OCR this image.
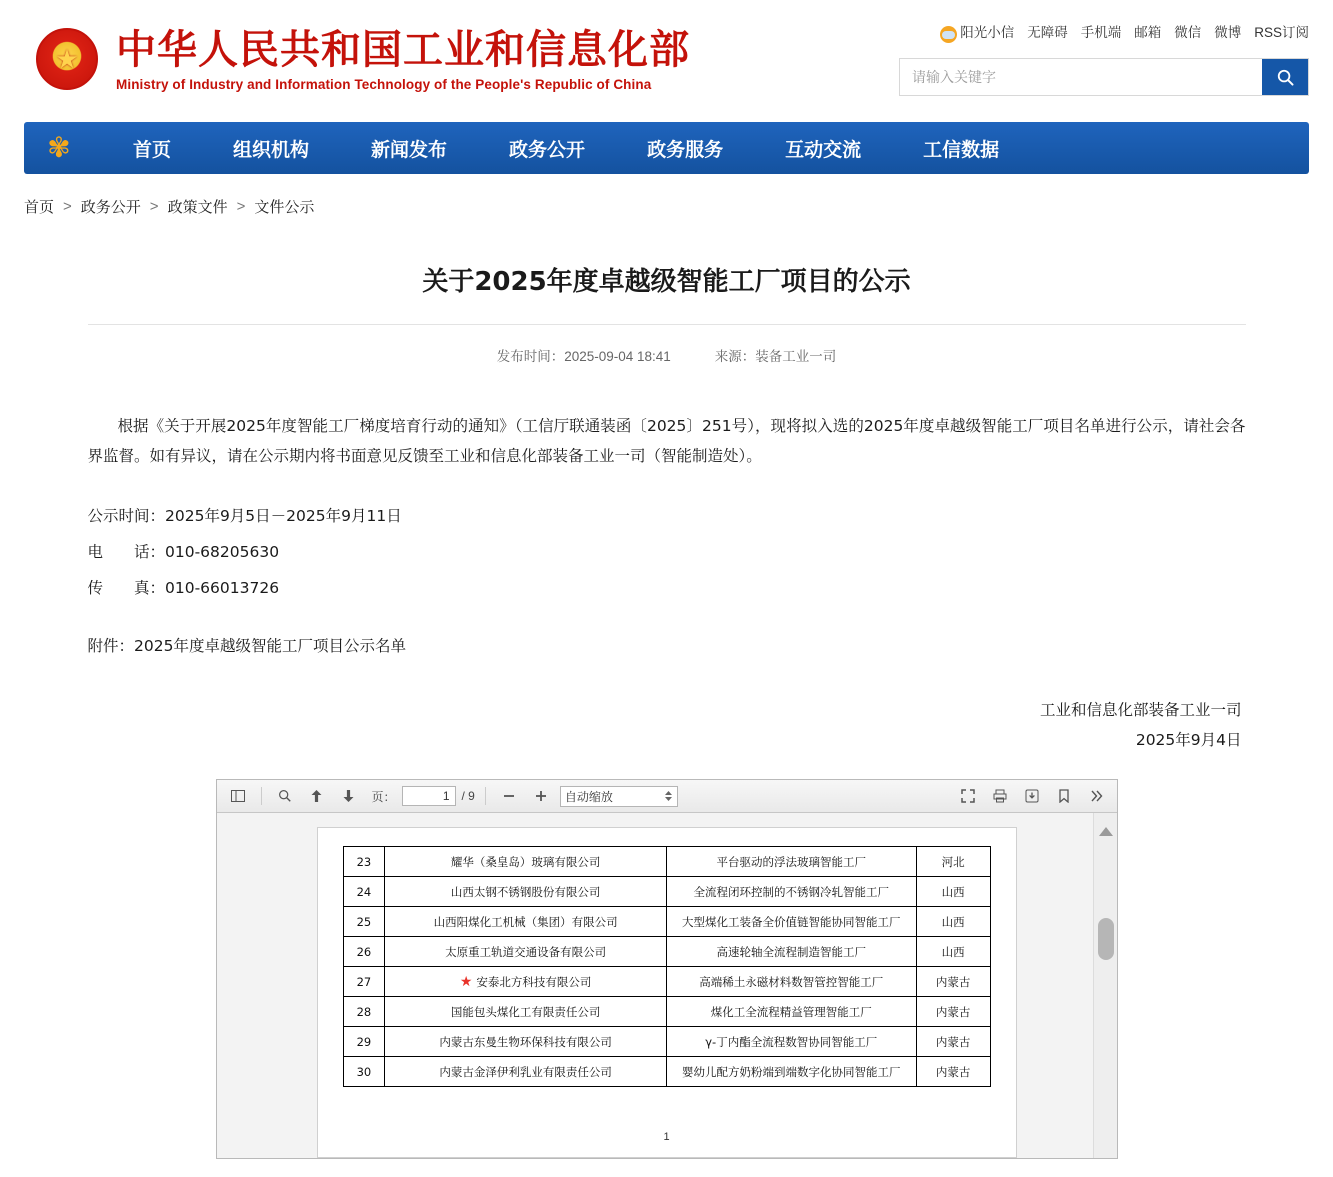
★
中华人民共和国工业和信息化部
Ministry of Industry and Information Technology of the People's Republic of China
阳光小信 无障碍 手机端 邮箱 微信 微博 RSS订阅
请输入关键字
✾	首页	组织机构	新闻发布	政务公开	政务服务	互动交流	工信数据
首页 > 政务公开 > 政策文件 > 文件公示
关于2025年度卓越级智能工厂项目的公示
发布时间：2025-09-04 18:41	来源：装备工业一司
根据《关于开展2025年度智能工厂梯度培育行动的通知》（工信厅联通装函〔2025〕251号），现将拟入选的2025年度卓越级智能工厂项目名单进行公示，请社会各界监督。如有异议，请在公示期内将书面意见反馈至工业和信息化部装备工业一司（智能制造处）。

公示时间：2025年9月5日－2025年9月11日

电　　话：010-68205630

传　　真：010-66013726

附件：2025年度卓越级智能工厂项目公示名单
工业和信息化部装备工业一司
2025年9月4日
页：
1	/ 9	自动缩放
23	耀华（桑皇岛）玻璃有限公司	平台驱动的浮法玻璃智能工厂	河北
24	山西太钢不锈钢股份有限公司	全流程闭环控制的不锈钢冷轧智能工厂	山西
25	山西阳煤化工机械（集团）有限公司	大型煤化工装备全价值链智能协同智能工厂	山西
26	太原重工轨道交通设备有限公司	高速轮轴全流程制造智能工厂	山西
27	★ 安泰北方科技有限公司	高端稀土永磁材料数智管控智能工厂	内蒙古
28	国能包头煤化工有限责任公司	煤化工全流程精益管理智能工厂	内蒙古
29	内蒙古东曼生物环保科技有限公司	γ-丁内酯全流程数智协同智能工厂	内蒙古
30	内蒙古金泽伊利乳业有限责任公司	婴幼儿配方奶粉端到端数字化协同智能工厂	内蒙古
1
